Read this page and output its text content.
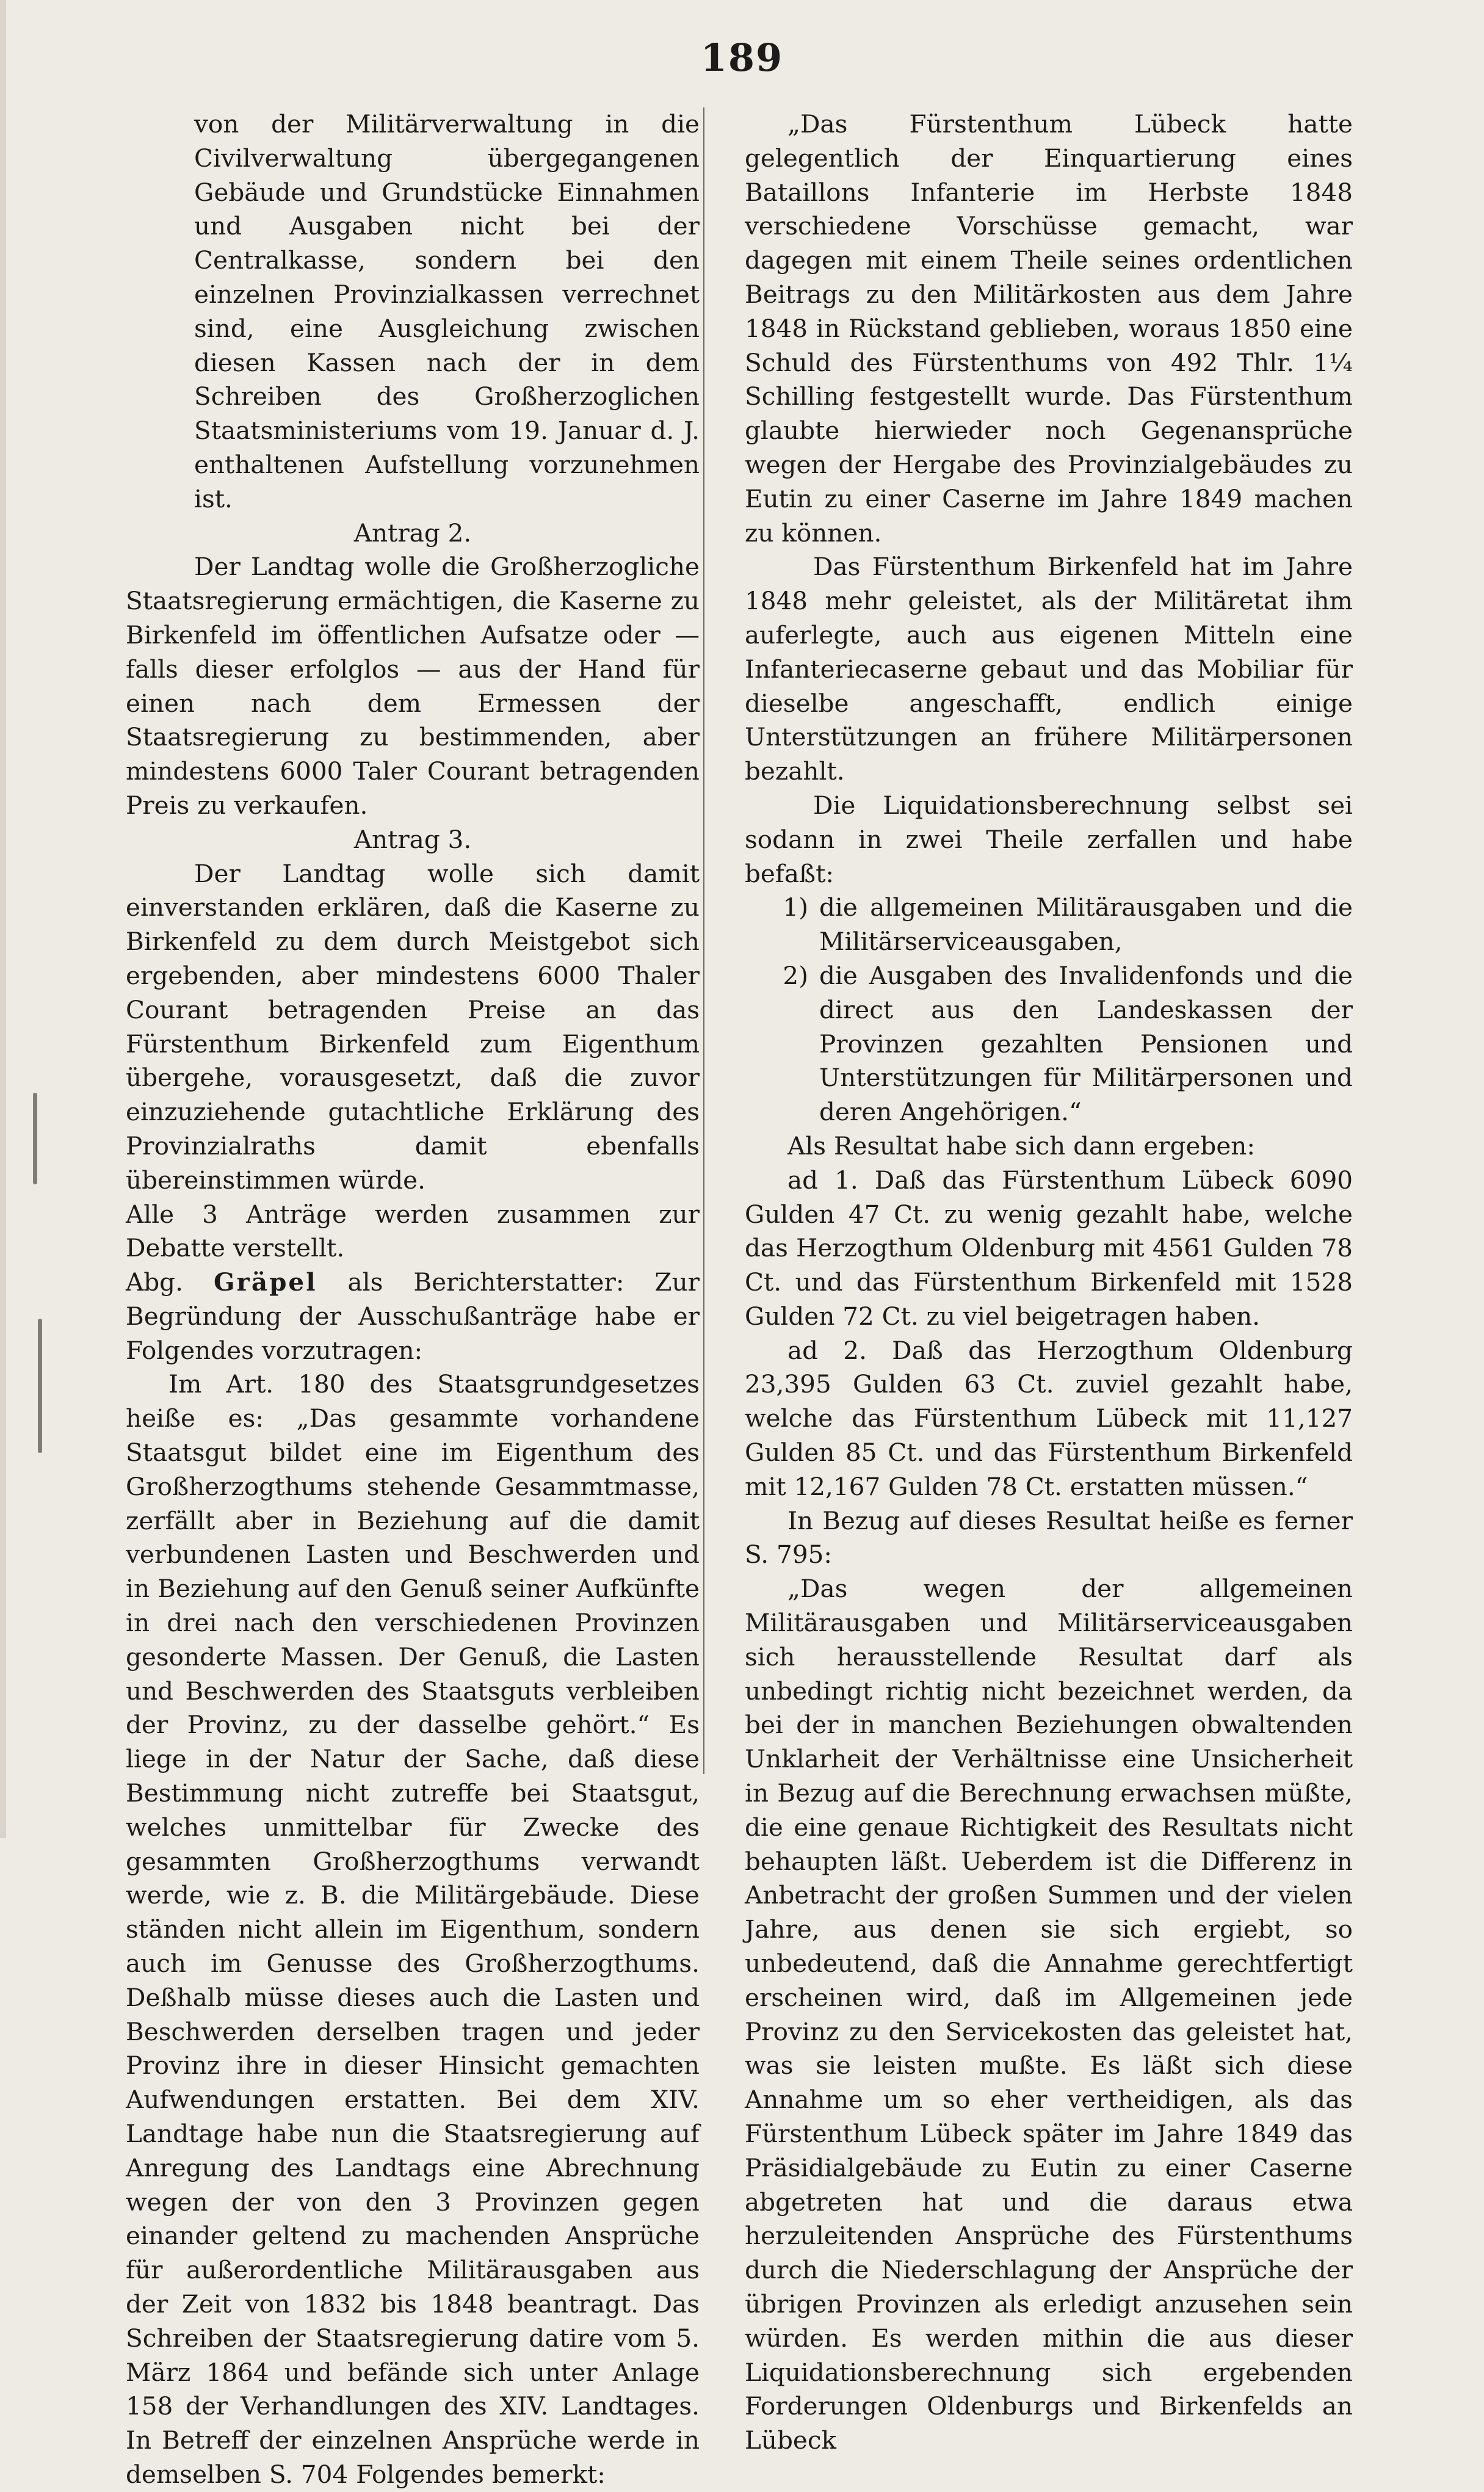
189

von der Militärverwaltung in die Civilverwaltung übergegangenen Gebäude und Grundstücke Einnahmen und Ausgaben nicht bei der Centralkasse, sondern bei den einzelnen Provinzialkassen verrechnet sind, eine Ausgleichung zwischen diesen Kassen nach der in dem Schreiben des Großherzoglichen Staatsministeriums vom 19. Januar d. J. enthaltenen Aufstellung vorzunehmen ist.

Antrag 2.

Der Landtag wolle die Großherzogliche Staatsregierung ermächtigen, die Kaserne zu Birkenfeld im öffentlichen Aufsatze oder — falls dieser erfolglos — aus der Hand für einen nach dem Ermessen der Staatsregierung zu bestimmenden, aber mindestens 6000 Taler Courant betragenden Preis zu verkaufen.

Antrag 3.

Der Landtag wolle sich damit einverstanden erklären, daß die Kaserne zu Birkenfeld zu dem durch Meistgebot sich ergebenden, aber mindestens 6000 Thaler Courant betragenden Preise an das Fürstenthum Birkenfeld zum Eigenthum übergehe, vorausgesetzt, daß die zuvor einzuziehende gutachtliche Erklärung des Provinzialraths damit ebenfalls übereinstimmen würde.

Alle 3 Anträge werden zusammen zur Debatte verstellt.

Abg. Gräpel als Berichterstatter: Zur Begründung der Ausschußanträge habe er Folgendes vorzutragen:

Im Art. 180 des Staatsgrundgesetzes heiße es: „Das gesammte vorhandene Staatsgut bildet eine im Eigenthum des Großherzogthums stehende Gesammtmasse, zerfällt aber in Beziehung auf die damit verbundenen Lasten und Beschwerden und in Beziehung auf den Genuß seiner Aufkünfte in drei nach den verschiedenen Provinzen gesonderte Massen. Der Genuß, die Lasten und Beschwerden des Staatsguts verbleiben der Provinz, zu der dasselbe gehört.“ Es liege in der Natur der Sache, daß diese Bestimmung nicht zutreffe bei Staatsgut, welches unmittelbar für Zwecke des gesammten Großherzogthums verwandt werde, wie z. B. die Militärgebäude. Diese ständen nicht allein im Eigenthum, sondern auch im Genusse des Großherzogthums. Deßhalb müsse dieses auch die Lasten und Beschwerden derselben tragen und jeder Provinz ihre in dieser Hinsicht gemachten Aufwendungen erstatten. Bei dem XIV. Landtage habe nun die Staatsregierung auf Anregung des Landtags eine Abrechnung wegen der von den 3 Provinzen gegen einander geltend zu machenden Ansprüche für außerordentliche Militärausgaben aus der Zeit von 1832 bis 1848 beantragt. Das Schreiben der Staatsregierung datire vom 5. März 1864 und befände sich unter Anlage 158 der Verhandlungen des XIV. Landtages. In Betreff der einzelnen Ansprüche werde in demselben S. 704 Folgendes bemerkt:

„Das Fürstenthum Lübeck hatte gelegentlich der Einquartierung eines Bataillons Infanterie im Herbste 1848 verschiedene Vorschüsse gemacht, war dagegen mit einem Theile seines ordentlichen Beitrags zu den Militärkosten aus dem Jahre 1848 in Rückstand geblieben, woraus 1850 eine Schuld des Fürstenthums von 492 Thlr. 1¼ Schilling festgestellt wurde. Das Fürstenthum glaubte hierwieder noch Gegenansprüche wegen der Hergabe des Provinzialgebäudes zu Eutin zu einer Caserne im Jahre 1849 machen zu können.

Das Fürstenthum Birkenfeld hat im Jahre 1848 mehr geleistet, als der Militäretat ihm auferlegte, auch aus eigenen Mitteln eine Infanteriecaserne gebaut und das Mobiliar für dieselbe angeschafft, endlich einige Unterstützungen an frühere Militärpersonen bezahlt.

Die Liquidationsberechnung selbst sei sodann in zwei Theile zerfallen und habe befaßt:

1) die allgemeinen Militärausgaben und die Militärserviceausgaben,
2) die Ausgaben des Invalidenfonds und die direct aus den Landeskassen der Provinzen gezahlten Pensionen und Unterstützungen für Militärpersonen und deren Angehörigen.“

Als Resultat habe sich dann ergeben:

ad 1. Daß das Fürstenthum Lübeck 6090 Gulden 47 Ct. zu wenig gezahlt habe, welche das Herzogthum Oldenburg mit 4561 Gulden 78 Ct. und das Fürstenthum Birkenfeld mit 1528 Gulden 72 Ct. zu viel beigetragen haben.

ad 2. Daß das Herzogthum Oldenburg 23,395 Gulden 63 Ct. zuviel gezahlt habe, welche das Fürstenthum Lübeck mit 11,127 Gulden 85 Ct. und das Fürstenthum Birkenfeld mit 12,167 Gulden 78 Ct. erstatten müssen.“

In Bezug auf dieses Resultat heiße es ferner S. 795:

„Das wegen der allgemeinen Militärausgaben und Militärserviceausgaben sich herausstellende Resultat darf als unbedingt richtig nicht bezeichnet werden, da bei der in manchen Beziehungen obwaltenden Unklarheit der Verhältnisse eine Unsicherheit in Bezug auf die Berechnung erwachsen müßte, die eine genaue Richtigkeit des Resultats nicht behaupten läßt. Ueberdem ist die Differenz in Anbetracht der großen Summen und der vielen Jahre, aus denen sie sich ergiebt, so unbedeutend, daß die Annahme gerechtfertigt erscheinen wird, daß im Allgemeinen jede Provinz zu den Servicekosten das geleistet hat, was sie leisten mußte. Es läßt sich diese Annahme um so eher vertheidigen, als das Fürstenthum Lübeck später im Jahre 1849 das Präsidialgebäude zu Eutin zu einer Caserne abgetreten hat und die daraus etwa herzuleitenden Ansprüche des Fürstenthums durch die Niederschlagung der Ansprüche der übrigen Provinzen als erledigt anzusehen sein würden. Es werden mithin die aus dieser Liquidationsberechnung sich ergebenden Forderungen Oldenburgs und Birkenfelds an Lübeck
